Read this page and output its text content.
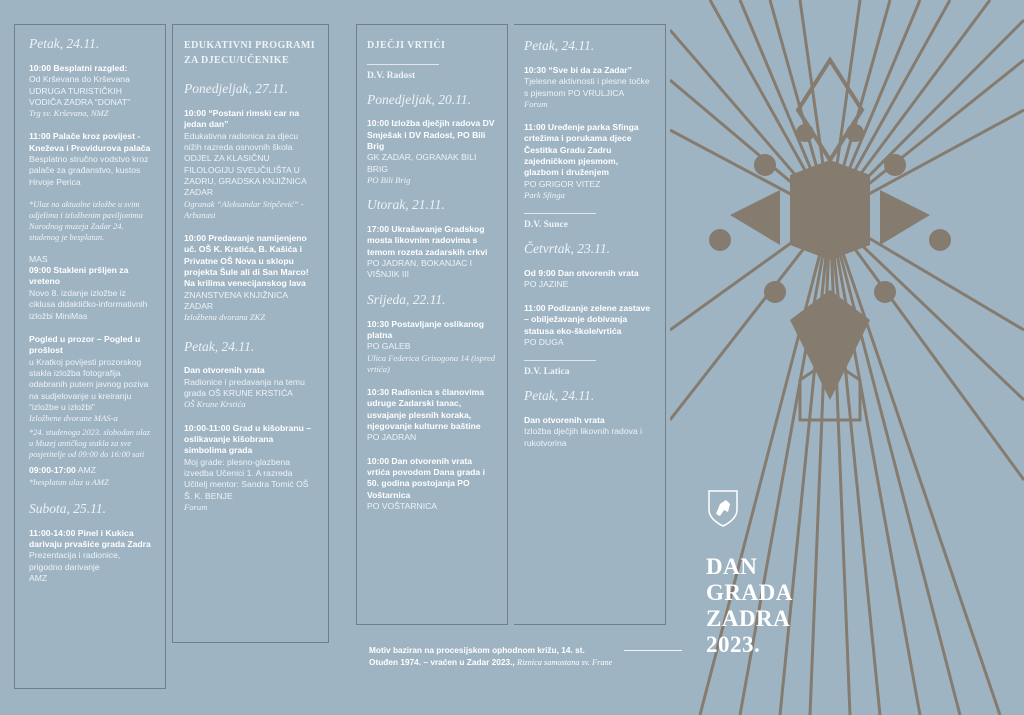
Petak, 24.11.
10:00 Besplatni razgled:
Od Krševana do Krševana UDRUGA TURISTIČKIH VODIČA ZADRA “DONAT”
Trg sv. Krševana, NMZ
11:00 Palače kroz povijest - Kneževa i Providurova palača
Besplatno stručno vodstvo kroz palače za građanstvo, kustos Hrvoje Perica
*Ulaz na aktualne izložbe u svim odjelima i izložbenim paviljonima Narodnog muzeja Zadar 24. studenog je besplatan.
MAS
09:00 Stakleni pršljen za vreteno
Novo 8. izdanje izložbe iz ciklusa didaktičko-informativnih izložbi MiniMas
Pogled u prozor – Pogled u prošlost
u Kratkoj povijesti prozorskog stakla izložba fotografija odabranih putem javnog poziva na sudjelovanje u kreiranju “izložbe u izložbi”
Izložbene dvorane MAS-a
*24. studenoga 2023. slobodan ulaz u Muzej antičkog stakla za sve posjetitelje od 09:00 do 16:00 sati
09:00-17:00 AMZ
*besplatan ulaz u AMZ
Subota, 25.11.
11:00-14:00 Pinel i Kukica darivaju prvašiće grada Zadra
Prezentacija i radionice, prigodno darivanje
AMZ
EDUKATIVNI PROGRAMI ZA DJECU/UČENIKE
Ponedjeljak, 27.11.
10:00 “Postani rimski car na jedan dan”
Edukativna radionica za djecu nižih razreda osnovnih škola ODJEL ZA KLASIČNU FILOLOGIJU SVEUČILIŠTA U ZADRU, GRADSKA KNJIŽNICA ZADAR
Ogranak “Aleksandar Stipčević” - Arbanasi
10:00 Predavanje namijenjeno uč. OŠ K. Krstića, B. Kašića i Privatne OŠ Nova u sklopu projekta Šule ali di San Marco! Na krilima venecijanskog lava
ZNANSTVENA KNJIŽNICA ZADAR
Izložbena dvorana ZKZ
Petak, 24.11.
Dan otvorenih vrata
Radionice i predavanja na temu grada OŠ KRUNE KRSTIĆA
OŠ Krune Krstića
10:00-11:00 Grad u kišobranu – oslikavanje kišobrana simbolima grada
Moj grade: plesno-glazbena izvedba Učenici 1. A razreda Učitelj mentor: Sandra Tomić OŠ Š. K. BENJE
Forum
DJEČJI VRTIĆI
D.V. Radost
Ponedjeljak, 20.11.
10:00 Izložba dječjih radova DV Smješak i DV Radost, PO Bili Brig
GK ZADAR, OGRANAK BILI BRIG
PO Bili Brig
Utorak, 21.11.
17:00 Ukrašavanje Gradskog mosta likovnim radovima s temom rozeta zadarskih crkvi
PO JADRAN, BOKANJAC I VIŠNJIK III
Srijeda, 22.11.
10:30 Postavljanje oslikanog platna
PO GALEB
Ulica Federica Grisogona 14 (ispred vrtića)
10:30 Radionica s članovima udruge Zadarski tanac, usvajanje plesnih koraka, njegovanje kulturne baštine
PO JADRAN
10:00 Dan otvorenih vrata vrtića povodom Dana grada i 50. godina postojanja PO Voštarnica
PO VOŠTARNICA
Petak, 24.11.
10:30 “Sve bi da za Zadar”
Tjelesne aktivnosti i plesne točke s pjesmom PO VRULJICA
Forum
11:00 Uređenje parka Sfinga crtežima i porukama djece Čestitka Gradu Zadru zajedničkom pjesmom, glazbom i druženjem
PO GRIGOR VITEZ
Park Sfinga
D.V. Sunce
Četvrtak, 23.11.
Od 9:00 Dan otvorenih vrata
PO JAZINE
11:00 Podizanje zelene zastave – obilježavanje dobivanja statusa eko-škole/vrtića
PO DUGA
D.V. Latica
Petak, 24.11.
Dan otvorenih vrata
Izložba dječjih likovnih radova i rukotvorina
Motiv baziran na procesijskom ophodnom križu, 14. st.
Otuđen 1974. – vraćen u Zadar 2023., Riznica samostana sv. Frane
DAN
GRADA
ZADRA
2023.
